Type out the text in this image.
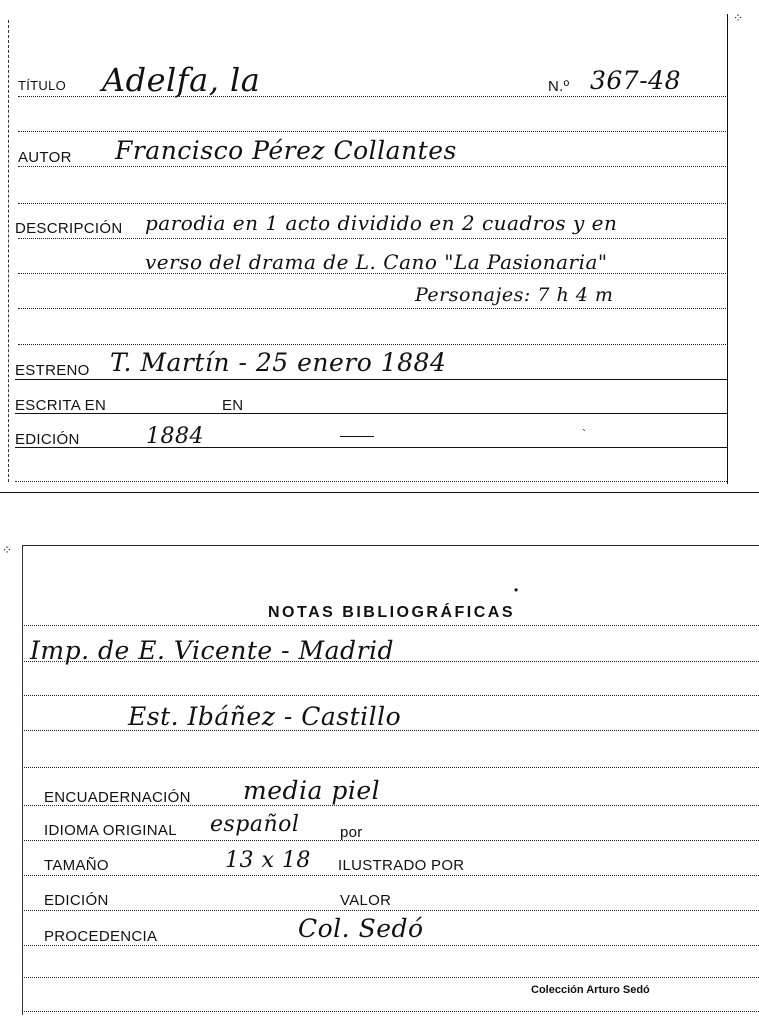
⁘
TÍTULO Adelfa, la	N.º 367-48
AUTOR Francisco Pérez Collantes
DESCRIPCIÓN parodia en 1 acto dividido en 2 cuadros y en
verso del drama de L. Cano "La Pasionaria"
Personajes: 7 h 4 m
ESTRENO T. Martín - 25 enero 1884
ESCRITA EN	EN
`
EDICIÓN	1884
⁘
•
NOTAS BIBLIOGRÁFICAS
Imp. de E. Vicente - Madrid
Est. Ibáñez - Castillo
ENCUADERNACIÓN media piel
IDIOMA ORIGINAL español	por
TAMAÑO	13 x 18 ILUSTRADO POR
EDICIÓN	VALOR
PROCEDENCIA	Col. Sedó
Colección Arturo Sedó
